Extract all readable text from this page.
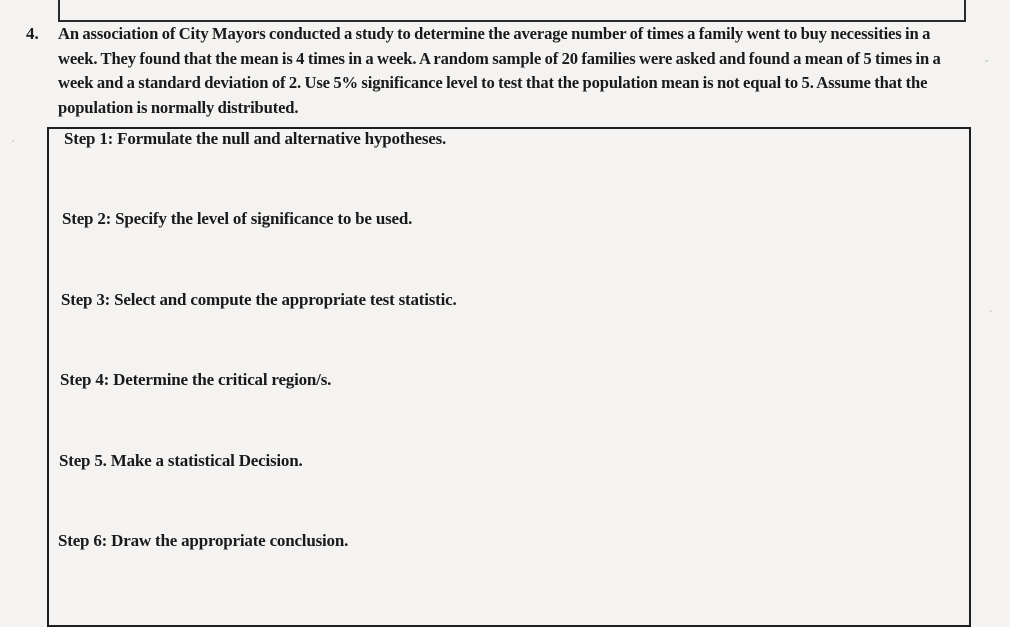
4. An association of City Mayors conducted a study to determine the average number of times a family went to buy necessities in a week. They found that the mean is 4 times in a week. A random sample of 20 families were asked and found a mean of 5 times in a week and a standard deviation of 2. Use 5% significance level to test that the population mean is not equal to 5. Assume that the population is normally distributed.
Step 1: Formulate the null and alternative hypotheses.
Step 2: Specify the level of significance to be used.
Step 3: Select and compute the appropriate test statistic.
Step 4: Determine the critical region/s.
Step 5. Make a statistical Decision.
Step 6: Draw the appropriate conclusion.
